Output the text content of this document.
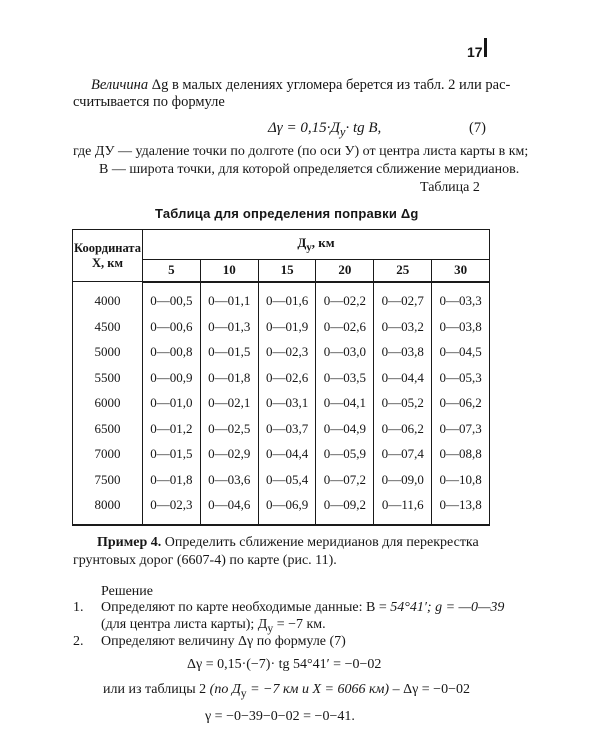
17
Величина Δg в малых делениях угломера берется из табл. 2 или рас-
считывается по формуле
$\Delta\gamma = 0,15\cdot Д_у\cdot$ tg B,	(7)
где ДУ — удаление точки по долготе (по оси У) от центра листа карты в км;
В — широта точки, для которой определяется сближение меридианов.
Таблица 2
Таблица для определения поправки Δg
Координата
X, км	$Д_у$, км					
	5	10	15	20	25	30
4000	0—00,5	0—01,1	0—01,6	0—02,2	0—02,7	0—03,3
4500	0—00,6	0—01,3	0—01,9	0—02,6	0—03,2	0—03,8
5000	0—00,8	0—01,5	0—02,3	0—03,0	0—03,8	0—04,5
5500	0—00,9	0—01,8	0—02,6	0—03,5	0—04,4	0—05,3
6000	0—01,0	0—02,1	0—03,1	0—04,1	0—05,2	0—06,2
6500	0—01,2	0—02,5	0—03,7	0—04,9	0—06,2	0—07,3
7000	0—01,5	0—02,9	0—04,4	0—05,9	0—07,4	0—08,8
7500	0—01,8	0—03,6	0—05,4	0—07,2	0—09,0	0—10,8
8000	0—02,3	0—04,6	0—06,9	0—09,2	0—11,6	0—13,8
Пример 4. Определить сближение меридианов для перекрестка
грунтовых дорог (6607-4) по карте (рис. 11).
Решение
1. Определяют по карте необходимые данные: B = 54°41′; g = —0—39
(для центра листа карты); $Д_у = -7$ км.
2. Определяют величину Δγ по формуле (7)
Δγ = 0,15·(−7)· tg 54°41′ = −0−02
или из таблицы 2 (по $Д_у = -7$ км и X = 6066 км) – Δγ = −0−02
γ = −0−39−0−02 = −0−41.
